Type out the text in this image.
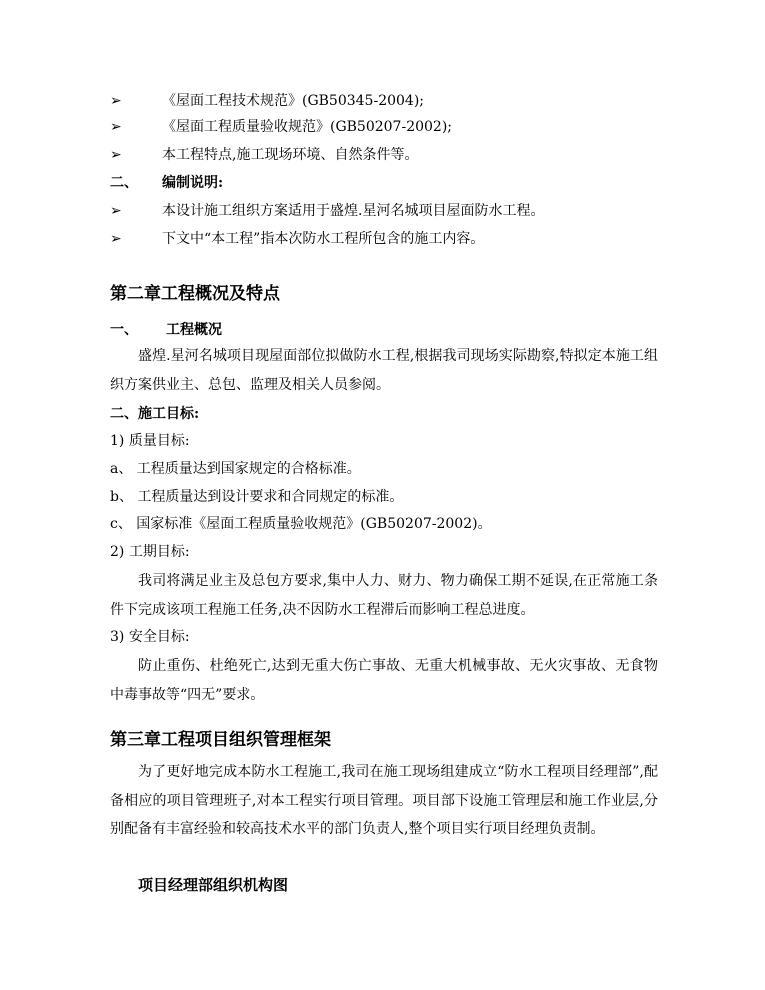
➢	《屋面工程技术规范》(GB50345-2004);
➢	《屋面工程质量验收规范》(GB50207-2002);
➢	本工程特点,施工现场环境、自然条件等。
二、 编制说明:
➢	本设计施工组织方案适用于盛煌.星河名城项目屋面防水工程。
➢	下文中“本工程”指本次防水工程所包含的施工内容。
第二章工程概况及特点
一、 工程概况
盛煌.星河名城项目现屋面部位拟做防水工程,根据我司现场实际勘察,特拟定本施工组织方案供业主、总包、监理及相关人员参阅。
二、施工目标:
1) 质量目标:
a、 工程质量达到国家规定的合格标准。
b、 工程质量达到设计要求和合同规定的标准。
c、 国家标准《屋面工程质量验收规范》(GB50207-2002)。
2) 工期目标:
我司将满足业主及总包方要求,集中人力、财力、物力确保工期不延误,在正常施工条件下完成该项工程施工任务,决不因防水工程滞后而影响工程总进度。
3) 安全目标:
防止重伤、杜绝死亡,达到无重大伤亡事故、无重大机械事故、无火灾事故、无食物中毒事故等“四无”要求。
第三章工程项目组织管理框架
为了更好地完成本防水工程施工,我司在施工现场组建成立“防水工程项目经理部”,配备相应的项目管理班子,对本工程实行项目管理。项目部下设施工管理层和施工作业层,分别配备有丰富经验和较高技术水平的部门负责人,整个项目实行项目经理负责制。
项目经理部组织机构图
